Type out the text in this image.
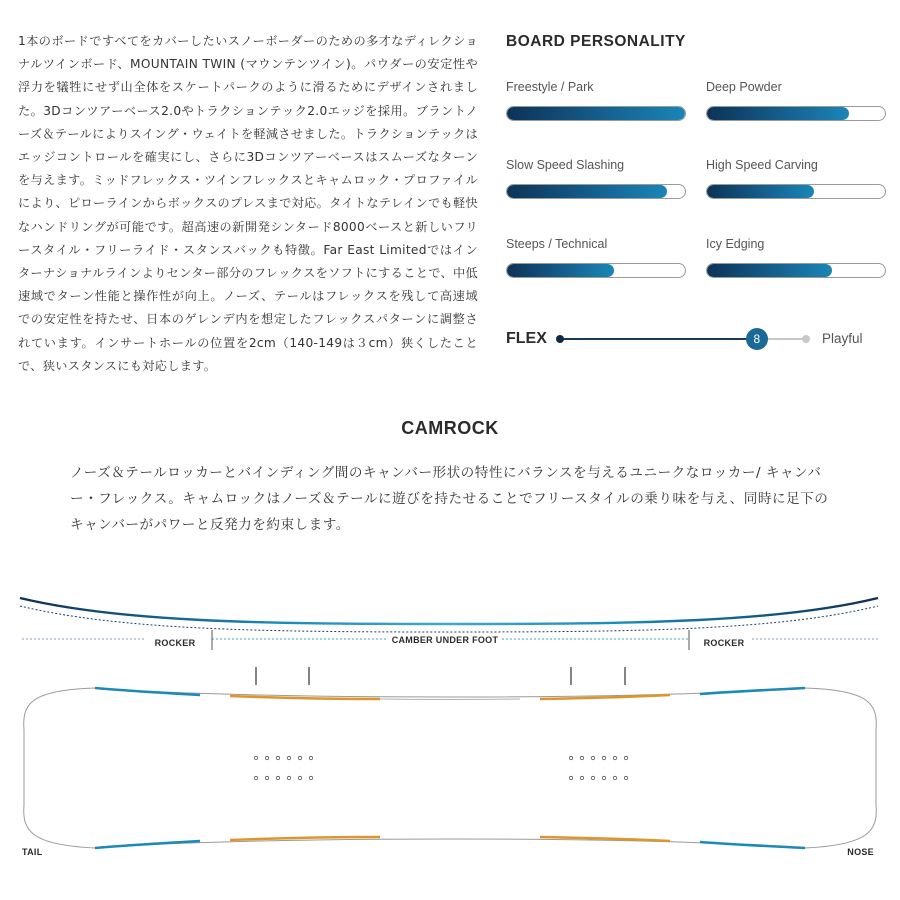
1本のボードですべてをカバーしたいスノーボーダーのための多才なディレクショナルツインボード、MOUNTAIN TWIN (マウンテンツイン)。パウダーの安定性や浮力を犠牲にせず山全体をスケートパークのように滑るためにデザインされました。3Dコンツアーベース2.0やトラクションテック2.0エッジを採用。ブラントノーズ＆テールによりスイング・ウェイトを軽減させました。トラクションテックはエッジコントロールを確実にし、さらに3Dコンツアーベースはスムーズなターンを与えます。ミッドフレックス・ツインフレックスとキャムロック・プロファイルにより、ピローラインからボックスのプレスまで対応。タイトなテレインでも軽快なハンドリングが可能です。超高速の新開発シンタード8000ベースと新しいフリースタイル・フリーライド・スタンスバックも特徴。Far East Limitedではインターナショナルラインよりセンター部分のフレックスをソフトにすることで、中低速域でターン性能と操作性が向上。ノーズ、テールはフレックスを残して高速域での安定性を持たせ、日本のゲレンデ内を想定したフレックスパターンに調整されています。インサートホールの位置を2cm（140-149は３cm）狭くしたことで、狭いスタンスにも対応します。

BOARD PERSONALITY
Freestyle / Park	Deep Powder
Slow Speed Slashing	High Speed Carving
Steeps / Technical	Icy Edging
FLEX	8	Playful
CAMROCK

ノーズ＆テールロッカーとバインディング間のキャンバー形状の特性にバランスを与えるユニークなロッカー/ キャンバー・フレックス。キャムロックはノーズ＆テールに遊びを持たせることでフリースタイルの乗り味を与え、同時に足下のキャンバーがパワーと反発力を約束します。

ROCKER	CAMBER UNDER FOOT	ROCKER
TAIL	NOSE
